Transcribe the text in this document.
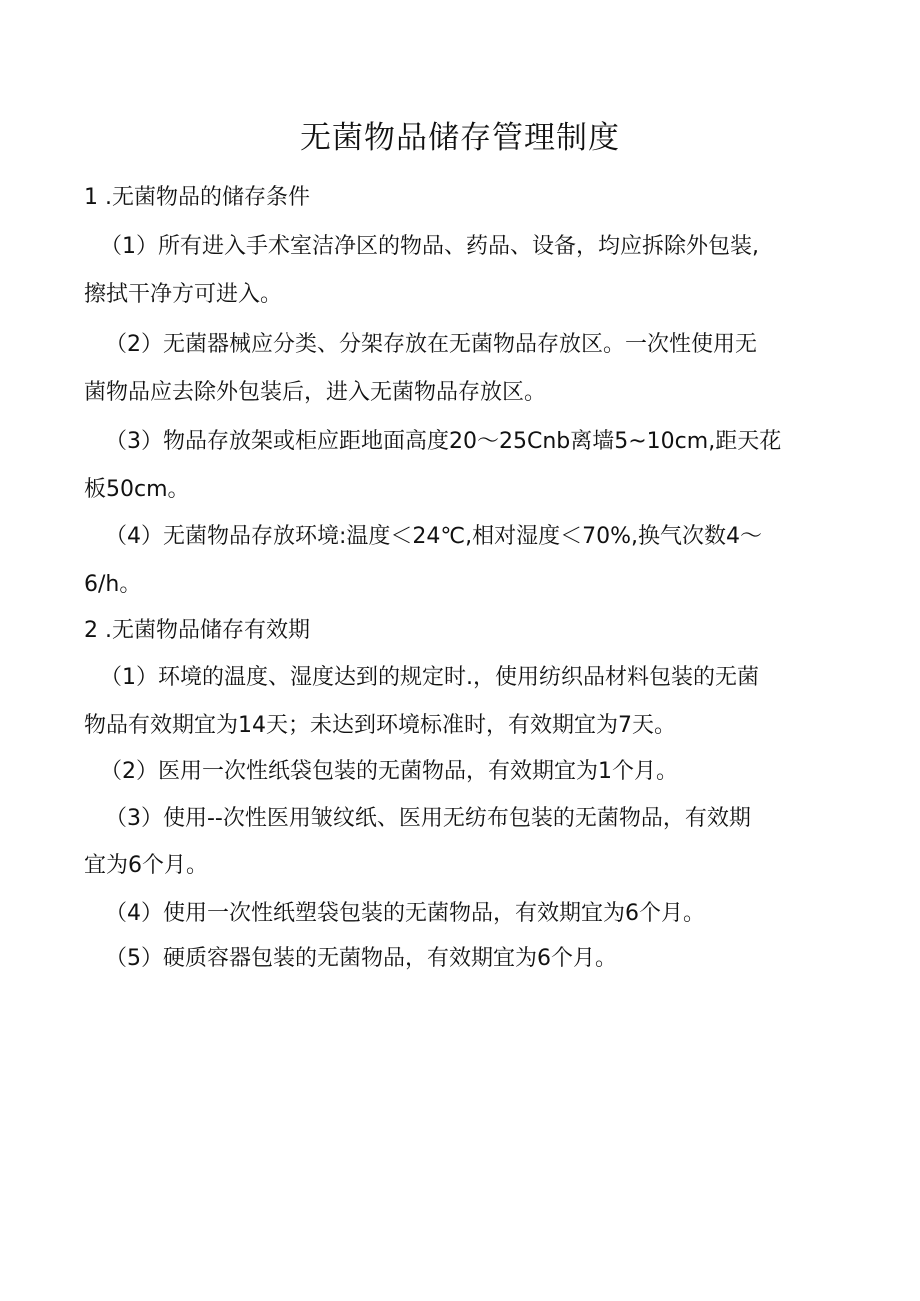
无菌物品储存管理制度
1 .无菌物品的储存条件
（1）所有进入手术室洁净区的物品、药品、设备，均应拆除外包装,
擦拭干净方可进入。
（2）无菌器械应分类、分架存放在无菌物品存放区。一次性使用无
菌物品应去除外包装后，进入无菌物品存放区。
（3）物品存放架或柜应距地面高度20～25Cnb离墙5~10cm,距天花
板50cm。
（4）无菌物品存放环境:温度＜24℃,相对湿度＜70%,换气次数4～
6/h。
2 .无菌物品储存有效期
（1）环境的温度、湿度达到的规定时.，使用纺织品材料包装的无菌
物品有效期宜为14天；未达到环境标准时，有效期宜为7天。
（2）医用一次性纸袋包装的无菌物品，有效期宜为1个月。
（3）使用--次性医用皱纹纸、医用无纺布包装的无菌物品，有效期
宜为6个月。
（4）使用一次性纸塑袋包装的无菌物品，有效期宜为6个月。
（5）硬质容器包装的无菌物品，有效期宜为6个月。
